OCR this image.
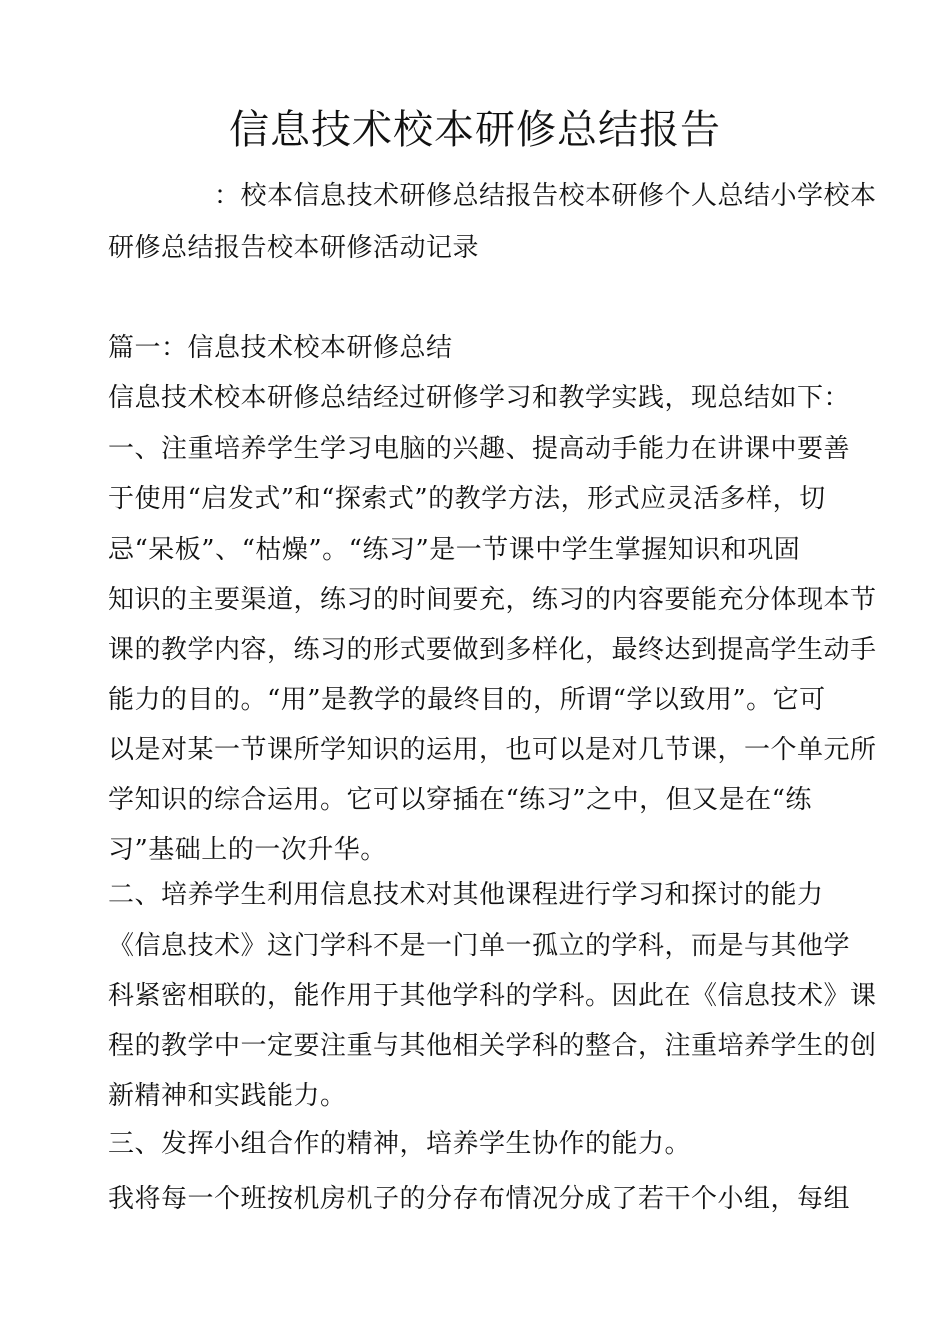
信息技术校本研修总结报告

　　　　：校本信息技术研修总结报告校本研修个人总结小学校本

研修总结报告校本研修活动记录

篇一：信息技术校本研修总结

信息技术校本研修总结经过研修学习和教学实践，现总结如下：

一、注重培养学生学习电脑的兴趣、提高动手能力在讲课中要善

于使用“启发式”和“探索式”的教学方法，形式应灵活多样，切

忌“呆板”、“枯燥”。“练习”是一节课中学生掌握知识和巩固

知识的主要渠道，练习的时间要充，练习的内容要能充分体现本节

课的教学内容，练习的形式要做到多样化，最终达到提高学生动手

能力的目的。“用”是教学的最终目的，所谓“学以致用”。它可

以是对某一节课所学知识的运用，也可以是对几节课，一个单元所

学知识的综合运用。它可以穿插在“练习”之中，但又是在“练

习”基础上的一次升华。

二、培养学生利用信息技术对其他课程进行学习和探讨的能力

《信息技术》这门学科不是一门单一孤立的学科，而是与其他学

科紧密相联的，能作用于其他学科的学科。因此在《信息技术》课

程的教学中一定要注重与其他相关学科的整合，注重培养学生的创

新精神和实践能力。

三、发挥小组合作的精神，培养学生协作的能力。

我将每一个班按机房机子的分存布情况分成了若干个小组，每组
